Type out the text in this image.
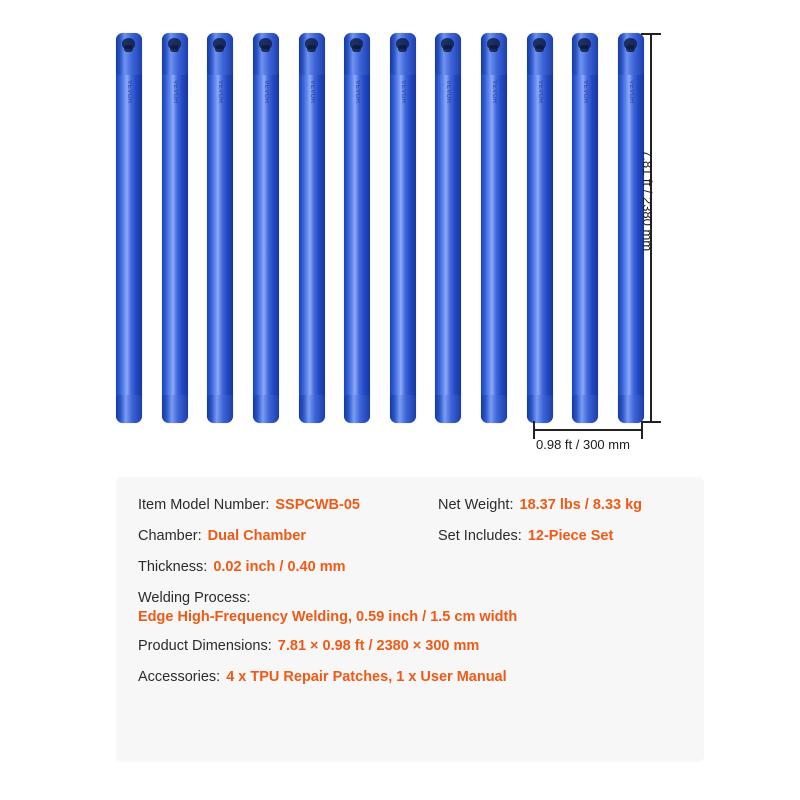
VEVOR	VEVOR	VEVOR	VEVOR	VEVOR	VEVOR	VEVOR	VEVOR	VEVOR	VEVOR	VEVOR	VEVOR
7.81 ft / 2380 mm
0.98 ft / 300 mm
Item Model Number: SSPCWB-05	Net Weight: 18.37 lbs / 8.33 kg
Chamber: Dual Chamber	Set Includes: 12-Piece Set
Thickness: 0.02 inch / 0.40 mm
Welding Process:
Edge High-Frequency Welding, 0.59 inch / 1.5 cm width
Product Dimensions: 7.81 × 0.98 ft / 2380 × 300 mm
Accessories: 4 x TPU Repair Patches, 1 x User Manual
